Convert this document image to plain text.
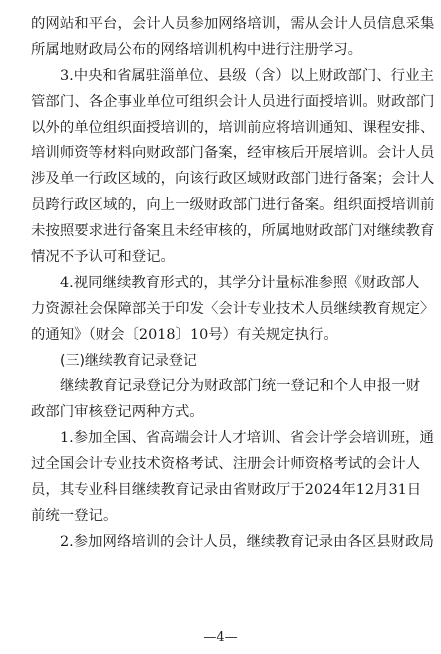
的 网 站 和 平 台 ， 会 计 人 员 参 加 网 络 培 训 ， 需 从 会 计 人 员 信 息 采 集
所属地财政局公布的网络培训机构中进行注册学习。
3. 中 央 和 省 属 驻 淄 单 位 、 县 级 （ 含 ） 以 上 财 政 部 门 、 行 业 主
管 部 门 、 各 企 事 业 单 位 可 组 织 会 计 人 员 进 行 面 授 培 训 。 财 政 部 门
以 外 的 单 位 组 织 面 授 培 训 的 ， 培 训 前 应 将 培 训 通 知 、 课 程 安 排 、
培 训 师 资 等 材 料 向 财 政 部 门 备 案 ， 经 审 核 后 开 展 培 训 。 会 计 人 员
涉 及 单 一 行 政 区 域 的 ， 向 该 行 政 区 域 财 政 部 门 进 行 备 案 ； 会 计 人
员 跨 行 政 区 域 的 ， 向 上 一 级 财 政 部 门 进 行 备 案 。 组 织 面 授 培 训 前
未 按 照 要 求 进 行 备 案 且 未 经 审 核 的 ， 所 属 地 财 政 部 门 对 继 续 教 育
情况不予认可和登记。
4. 视 同 继 续 教 育 形 式 的 ， 其 学 分 计 量 标 准 参 照 《 财 政 部 人
力 资 源 社 会 保 障 部 关 于 印 发 〈 会 计 专 业 技 术 人 员 继 续 教 育 规 定 〉
的通知》（财会〔2018〕10号）有关规定执行。
(三)继续教育记录登记
继 续 教 育 记 录 登 记 分 为 财 政 部 门 统 一 登 记 和 个 人 申 报 一 财
政部门审核登记两种方式。
1. 参 加 全 国 、 省 高 端 会 计 人 才 培 训 、 省 会 计 学 会 培 训 班 ， 通
过 全 国 会 计 专 业 技 术 资 格 考 试 、 注 册 会 计 师 资 格 考 试 的 会 计 人
员 ， 其 专 业 科 目 继 续 教 育 记 录 由 省 财 政 厅 于 2024 年 12 月 31 日
前统一登记。
2. 参 加 网 络 培 训 的 会 计 人 员 ， 继 续 教 育 记 录 由 各 区 县 财 政 局
—4—
